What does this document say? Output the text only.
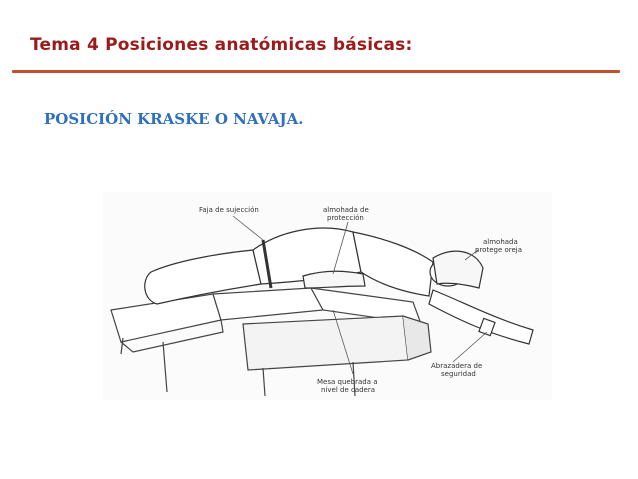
Tema 4 Posiciones anatómicas básicas:
POSICIÓN KRASKE O NAVAJA.
Faja de sujección	almohada de
protección
almohada
protege oreja
Abrazadera de
seguridad
Mesa quebrada a
nivel de cadera
